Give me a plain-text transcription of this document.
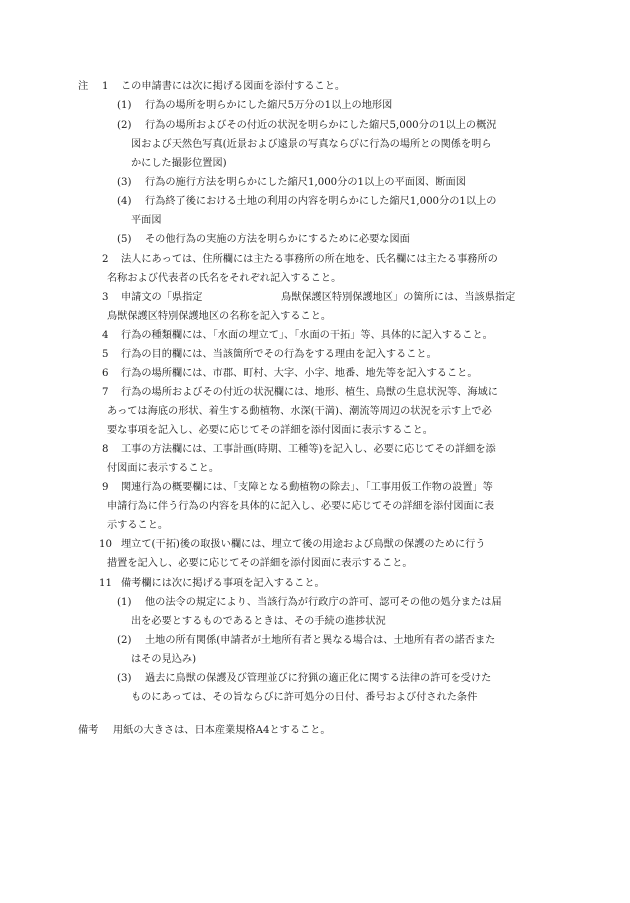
注 1 この申請書には次に掲げる図面を添付すること。
(1) 行為の場所を明らかにした縮尺5万分の1以上の地形図
(2) 行為の場所およびその付近の状況を明らかにした縮尺5,000分の1以上の概況
図および天然色写真(近景および遠景の写真ならびに行為の場所との関係を明ら
かにした撮影位置図)
(3) 行為の施行方法を明らかにした縮尺1,000分の1以上の平面図、断面図
(4) 行為終了後における土地の利用の内容を明らかにした縮尺1,000分の1以上の
平面図
(5) その他行為の実施の方法を明らかにするために必要な図面
2 法人にあっては、住所欄には主たる事務所の所在地を、氏名欄には主たる事務所の
名称および代表者の氏名をそれぞれ記入すること。
3 申請文の「県指定	鳥獣保護区特別保護地区」の箇所には、当該県指定
鳥獣保護区特別保護地区の名称を記入すること。
4 行為の種類欄には、「水面の埋立て」、「水面の干拓」等、具体的に記入すること。
5 行為の目的欄には、当該箇所でその行為をする理由を記入すること。
6 行為の場所欄には、市郡、町村、大字、小字、地番、地先等を記入すること。
7 行為の場所およびその付近の状況欄には、地形、植生、鳥獣の生息状況等、海域に
あっては海底の形状、着生する動植物、水深(干満)、潮流等周辺の状況を示す上で必
要な事項を記入し、必要に応じてその詳細を添付図面に表示すること。
8 工事の方法欄には、工事計画(時期、工種等)を記入し、必要に応じてその詳細を添
付図面に表示すること。
9 関連行為の概要欄には、「支障となる動植物の除去」、「工事用仮工作物の設置」等
申請行為に伴う行為の内容を具体的に記入し、必要に応じてその詳細を添付図面に表
示すること。
10 埋立て(干拓)後の取扱い欄には、埋立て後の用途および鳥獣の保護のために行う
措置を記入し、必要に応じてその詳細を添付図面に表示すること。
11 備考欄には次に掲げる事項を記入すること。
(1) 他の法令の規定により、当該行為が行政庁の許可、認可その他の処分または届
出を必要とするものであるときは、その手続の進捗状況
(2) 土地の所有関係(申請者が土地所有者と異なる場合は、土地所有者の諾否また
はその見込み)
(3) 過去に鳥獣の保護及び管理並びに狩猟の適正化に関する法律の許可を受けた
ものにあっては、その旨ならびに許可処分の日付、番号および付された条件
備考 用紙の大きさは、日本産業規格A4とすること。
